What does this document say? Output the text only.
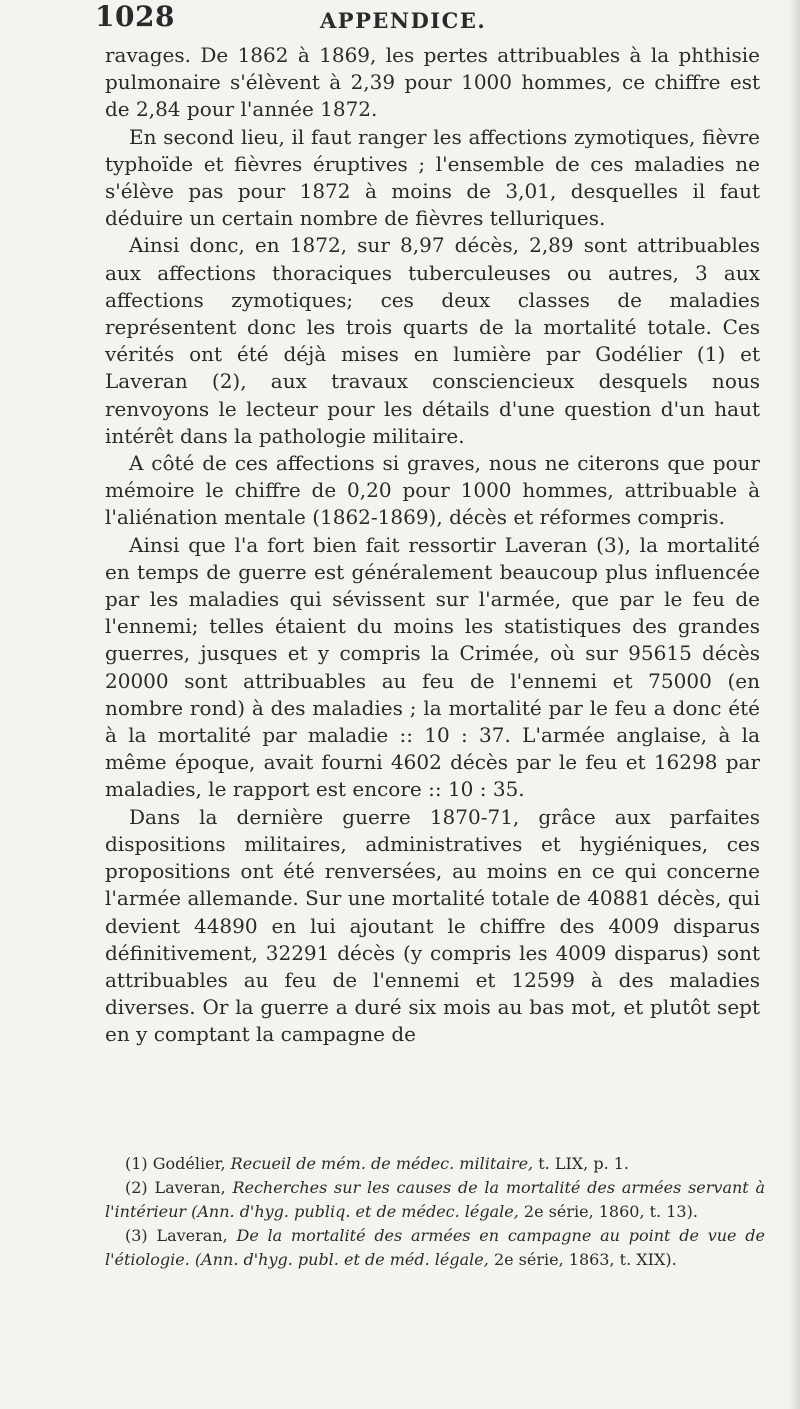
1028	APPENDICE.

ravages. De 1862 à 1869, les pertes attribuables à la phthisie pulmonaire s'élèvent à 2,39 pour 1000 hommes, ce chiffre est de 2,84 pour l'année 1872.

En second lieu, il faut ranger les affections zymotiques, fièvre typhoïde et fièvres éruptives ; l'ensemble de ces maladies ne s'élève pas pour 1872 à moins de 3,01, desquelles il faut déduire un certain nombre de fièvres telluriques.

Ainsi donc, en 1872, sur 8,97 décès, 2,89 sont attribuables aux affections thoraciques tuberculeuses ou autres, 3 aux affections zymotiques; ces deux classes de maladies représentent donc les trois quarts de la mortalité totale. Ces vérités ont été déjà mises en lumière par Godélier (1) et Laveran (2), aux travaux consciencieux desquels nous renvoyons le lecteur pour les détails d'une question d'un haut intérêt dans la pathologie militaire.

A côté de ces affections si graves, nous ne citerons que pour mémoire le chiffre de 0,20 pour 1000 hommes, attribuable à l'aliénation mentale (1862-1869), décès et réformes compris.

Ainsi que l'a fort bien fait ressortir Laveran (3), la mortalité en temps de guerre est généralement beaucoup plus influencée par les maladies qui sévissent sur l'armée, que par le feu de l'ennemi; telles étaient du moins les statistiques des grandes guerres, jusques et y compris la Crimée, où sur 95615 décès 20000 sont attribuables au feu de l'ennemi et 75000 (en nombre rond) à des maladies ; la mortalité par le feu a donc été à la mortalité par maladie :: 10 : 37. L'armée anglaise, à la même époque, avait fourni 4602 décès par le feu et 16298 par maladies, le rapport est encore :: 10 : 35.

Dans la dernière guerre 1870-71, grâce aux parfaites dispositions militaires, administratives et hygiéniques, ces propositions ont été renversées, au moins en ce qui concerne l'armée allemande. Sur une mortalité totale de 40881 décès, qui devient 44890 en lui ajoutant le chiffre des 4009 disparus définitivement, 32291 décès (y compris les 4009 disparus) sont attribuables au feu de l'ennemi et 12599 à des maladies diverses. Or la guerre a duré six mois au bas mot, et plutôt sept en y comptant la campagne de

(1) Godélier, Recueil de mém. de médec. militaire, t. LIX, p. 1.

(2) Laveran, Recherches sur les causes de la mortalité des armées servant à l'intérieur (Ann. d'hyg. publiq. et de médec. légale, 2e série, 1860, t. 13).

(3) Laveran, De la mortalité des armées en campagne au point de vue de l'étiologie. (Ann. d'hyg. publ. et de méd. légale, 2e série, 1863, t. XIX).
